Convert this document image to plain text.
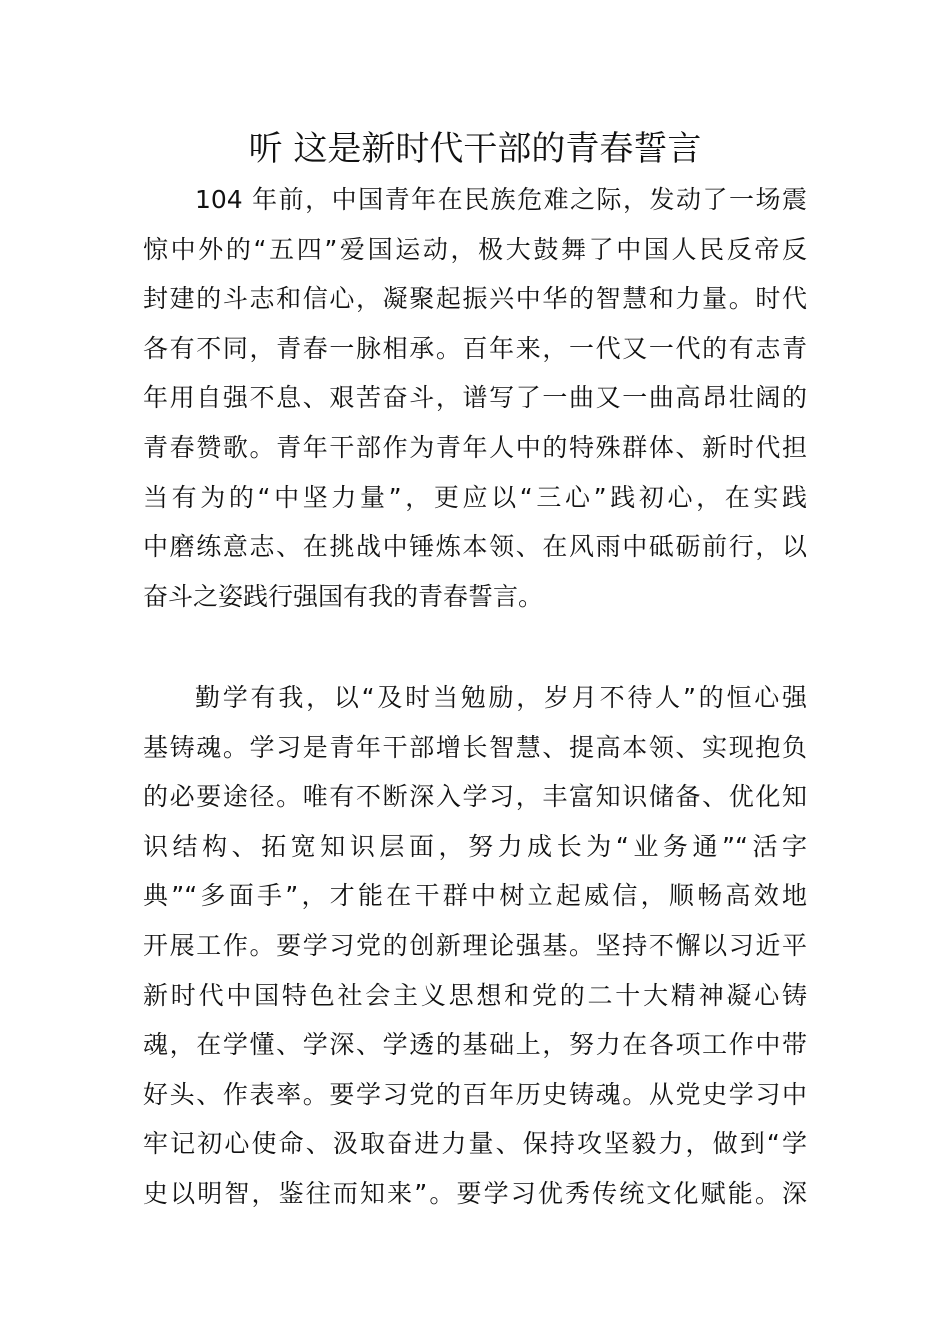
听 这是新时代干部的青春誓言
104 年前，中国青年在民族危难之际，发动了一场震
惊中外的“五四”爱国运动，极大鼓舞了中国人民反帝反
封建的斗志和信心，凝聚起振兴中华的智慧和力量。时代
各有不同，青春一脉相承。百年来，一代又一代的有志青
年用自强不息、艰苦奋斗，谱写了一曲又一曲高昂壮阔的
青春赞歌。青年干部作为青年人中的特殊群体、新时代担
当有为的“中坚力量”，更应以“三心”践初心，在实践
中磨练意志、在挑战中锤炼本领、在风雨中砥砺前行，以
奋斗之姿践行强国有我的青春誓言。
勤学有我，以“及时当勉励，岁月不待人”的恒心强
基铸魂。学习是青年干部增长智慧、提高本领、实现抱负
的必要途径。唯有不断深入学习，丰富知识储备、优化知
识结构、拓宽知识层面，努力成长为“业务通”“活字
典”“多面手”，才能在干群中树立起威信，顺畅高效地
开展工作。要学习党的创新理论强基。坚持不懈以习近平
新时代中国特色社会主义思想和党的二十大精神凝心铸
魂，在学懂、学深、学透的基础上，努力在各项工作中带
好头、作表率。要学习党的百年历史铸魂。从党史学习中
牢记初心使命、汲取奋进力量、保持攻坚毅力，做到“学
史以明智，鉴往而知来”。要学习优秀传统文化赋能。深
